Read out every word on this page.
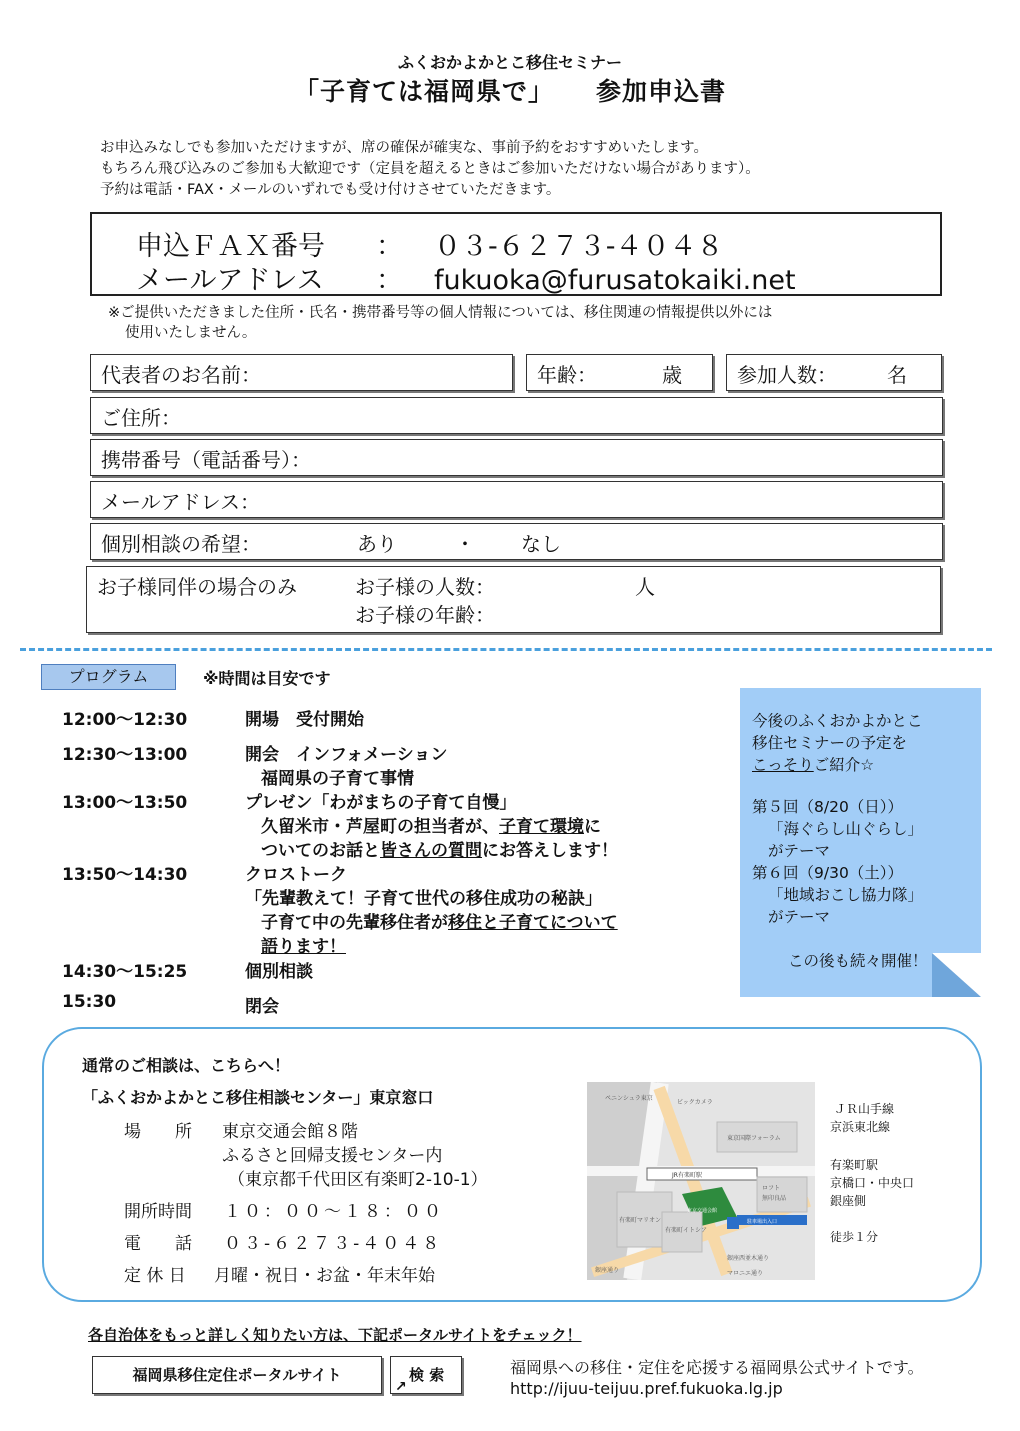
ふくおかよかとこ移住セミナー
「子育ては福岡県で」 参加申込書
お申込みなしでも参加いただけますが、席の確保が確実な、事前予約をおすすめいたします。
もちろん飛び込みのご参加も大歓迎です（定員を超えるときはご参加いただけない場合があります）。
予約は電話・FAX・メールのいずれでも受け付けさせていただきます。
申込ＦＡＸ番号 ： ０３-６２７３-４０４８
メールアドレス ： fukuoka@furusatokaiki.net
※ご提供いただきました住所・氏名・携帯番号等の個人情報については、移住関連の情報提供以外には
使用いたしません。
代表者のお名前：	年齢：	歳	参加人数：	名
ご住所：
携帯番号（電話番号）：
メールアドレス：
個別相談の希望：	あり	・ なし
お子様同伴の場合のみ	お子様の人数：	人
お子様の年齢：
プログラム	※時間は目安です
12:00～12:30	開場　受付開始
12:30～13:00	開会　インフォメーション
福岡県の子育て事情
13:00～13:50	プレゼン「わがまちの子育て自慢」
久留米市・芦屋町の担当者が、子育て環境に
ついてのお話と皆さんの質問にお答えします！
13:50～14:30	クロストーク
「先輩教えて！子育て世代の移住成功の秘訣」
子育て中の先輩移住者が移住と子育てについて
語ります！
14:30～15:25	個別相談
15:30	閉会
今後のふくおかよかとこ
移住セミナーの予定を
こっそりご紹介☆
第５回（8/20（日））
「海ぐらし山ぐらし」
がテーマ
第６回（9/30（土））
「地域おこし協力隊」
がテーマ
この後も続々開催！
通常のご相談は、こちらへ！
「ふくおかよかとこ移住相談センター」東京窓口
場　　所 東京交通会館８階
ふるさと回帰支援センター内
（東京都千代田区有楽町2-10-1）
開所時間 １０：００～１８：００
電　　話 ０３-６２７３-４０４８
定 休 日 月曜・祝日・お盆・年末年始
ペニンシュラ東京
ビックカメラ
東京国際フォーラム
JR有楽町駅
東京交通会館
有楽町マリオン
有楽町イトシア
ロフト
無印良品
駐車場出入口
銀座西並木通り
銀座通り	マロニエ通り
ＪＲ山手線
京浜東北線
有楽町駅
京橋口・中央口
銀座側
徒歩１分
各自治体をもっと詳しく知りたい方は、下記ポータルサイトをチェック！
福岡県移住定住ポータルサイト
↗
検 索	福岡県への移住・定住を応援する福岡県公式サイトです。
http://ijuu-teijuu.pref.fukuoka.lg.jp
